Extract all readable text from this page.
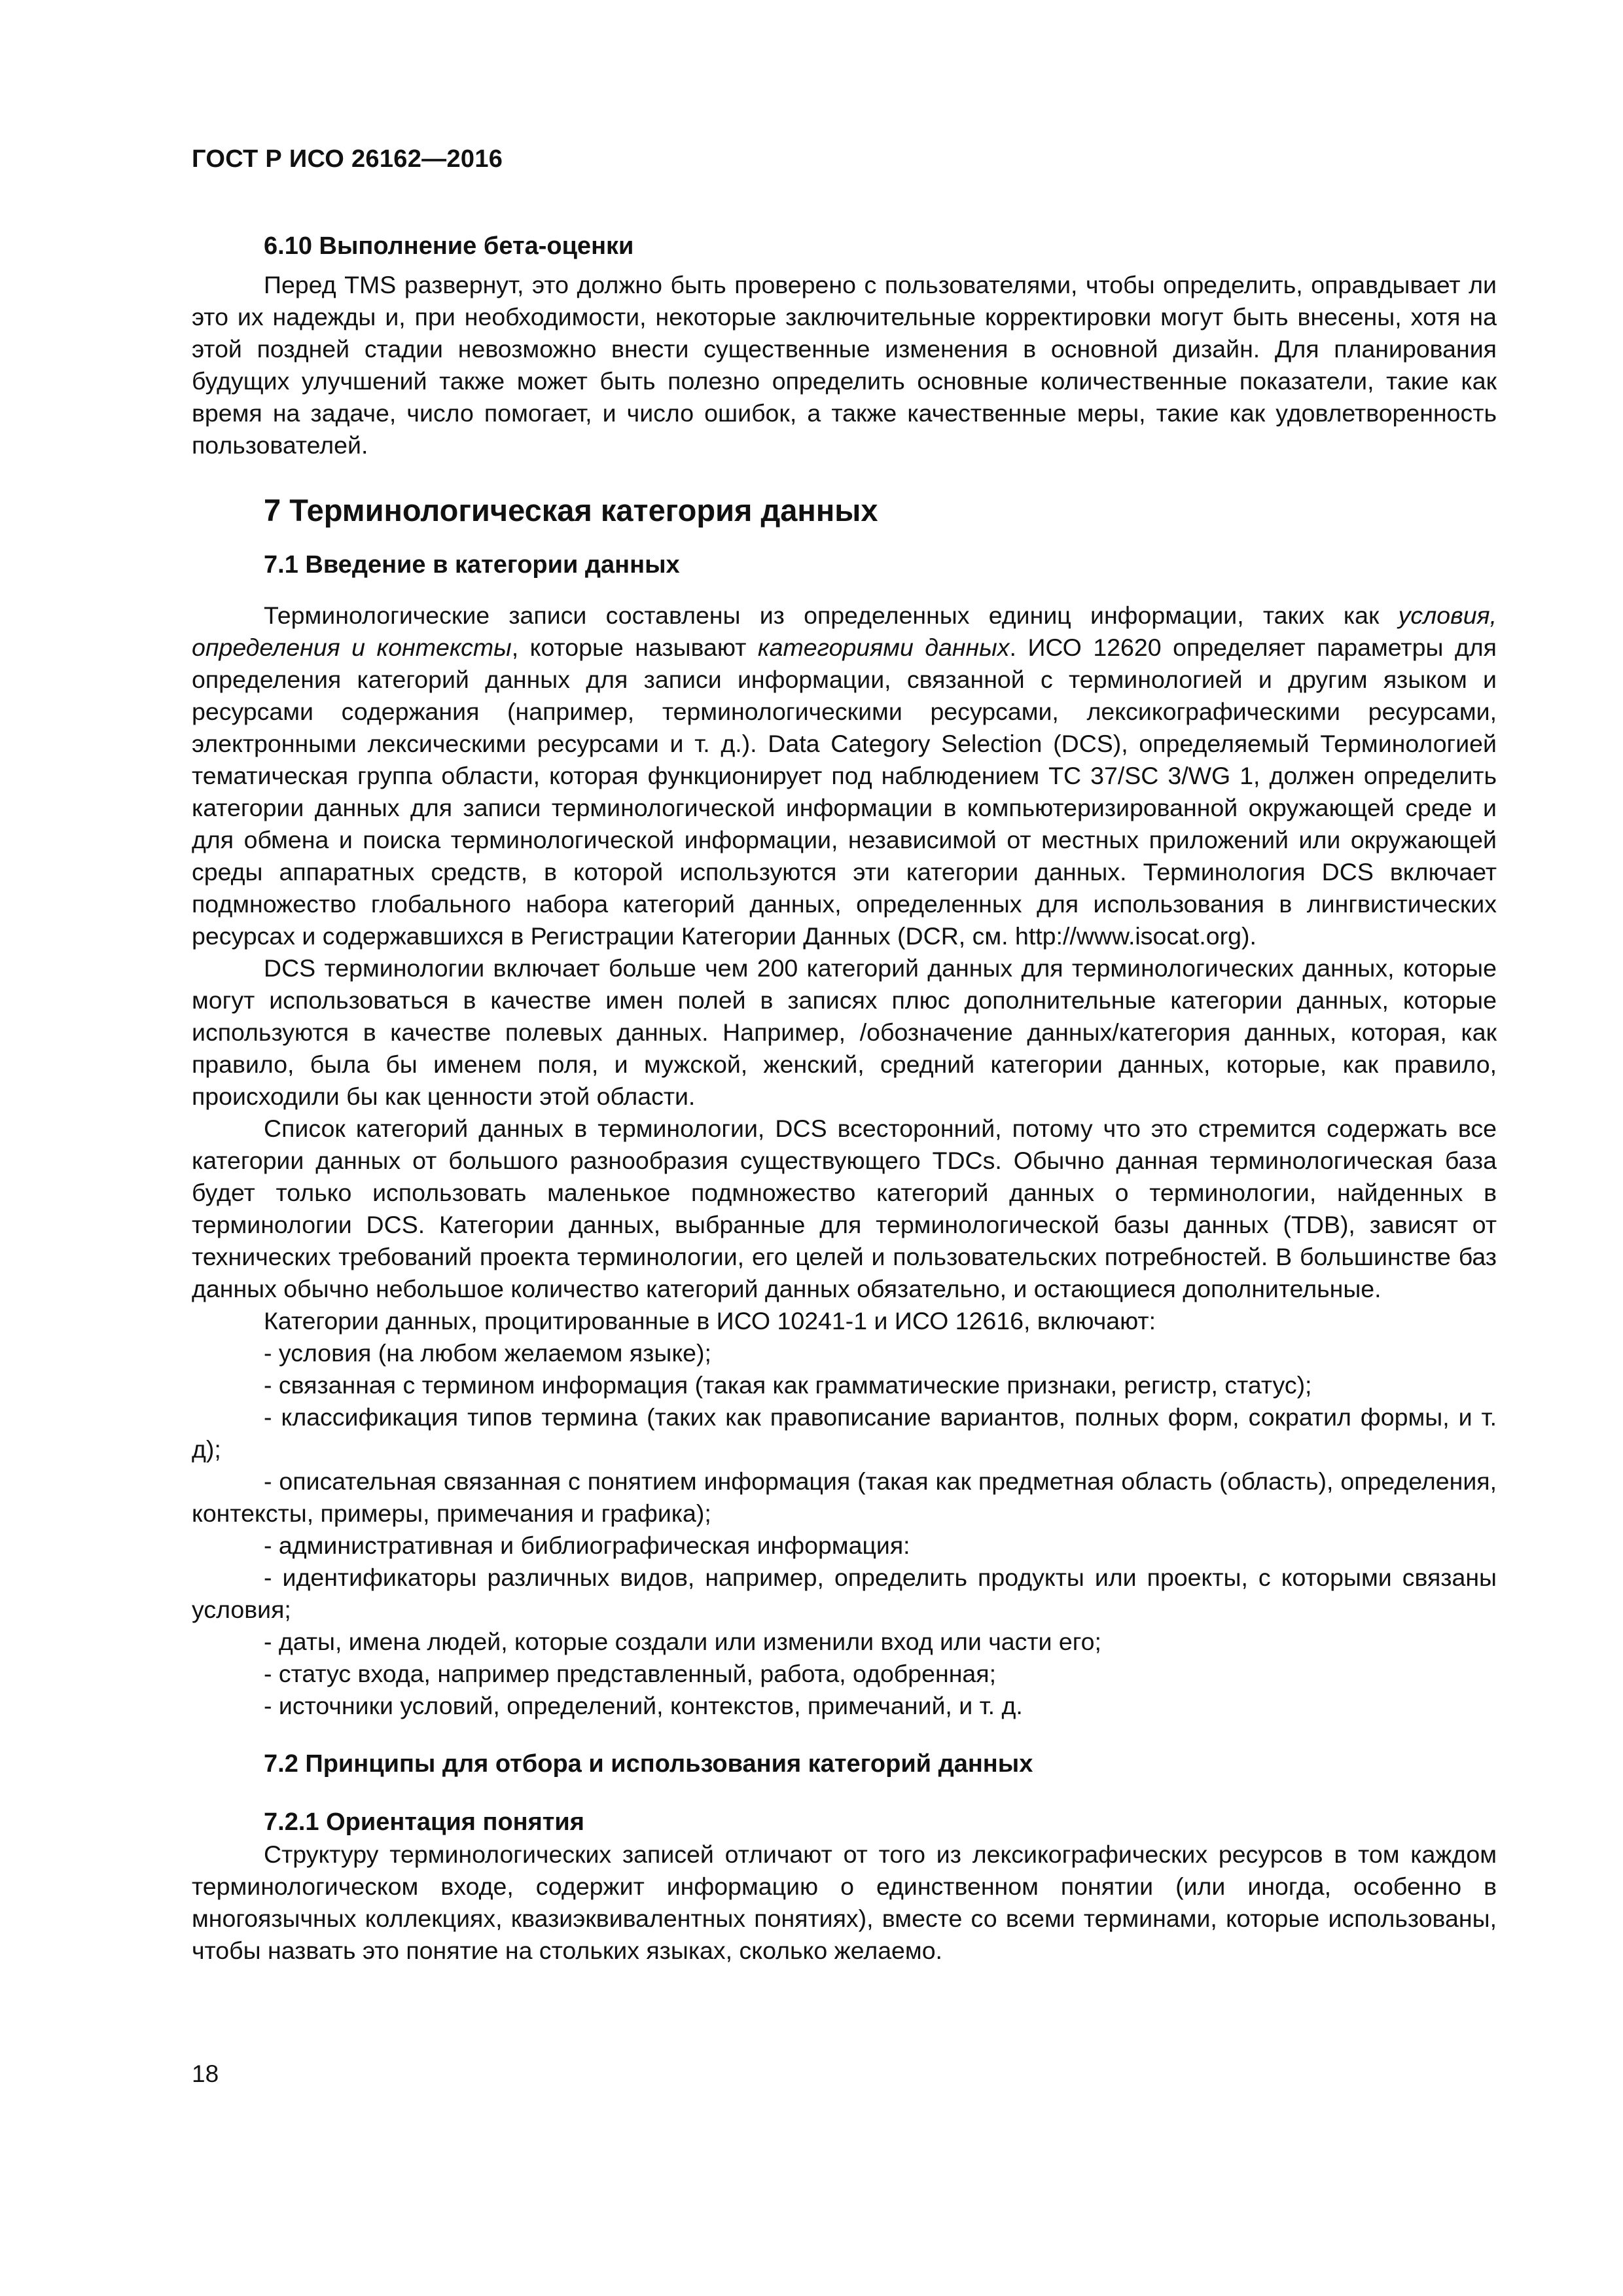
ГОСТ Р ИСО 26162—2016
6.10 Выполнение бета-оценки

Перед TMS развернут, это должно быть проверено с пользователями, чтобы определить, оправдывает ли это их надежды и, при необходимости, некоторые заключительные корректировки могут быть внесены, хотя на этой поздней стадии невозможно внести существенные изменения в основной дизайн. Для планирования будущих улучшений также может быть полезно определить основные количественные показатели, такие как время на задаче, число помогает, и число ошибок, а также качественные меры, такие как удовлетворенность пользователей.

7 Терминологическая категория данных
7.1 Введение в категории данных

Терминологические записи составлены из определенных единиц информации, таких как условия, определения и контексты, которые называют категориями данных. ИСО 12620 определяет параметры для определения категорий данных для записи информации, связанной с терминологией и другим языком и ресурсами содержания (например, терминологическими ресурсами, лексикографическими ресурсами, электронными лексическими ресурсами и т. д.). Data Category Selection (DCS), определяемый Терминологией тематическая группа области, которая функционирует под наблюдением ТС 37/SC 3/WG 1, должен определить категории данных для записи терминологической информации в компьютеризированной окружающей среде и для обмена и поиска терминологической информации, независимой от местных приложений или окружающей среды аппаратных средств, в которой используются эти категории данных. Терминология DCS включает подмножество глобального набора категорий данных, определенных для использования в лингвистических ресурсах и содержавшихся в Регистрации Категории Данных (DCR, см. http://www.isocat.org).

DCS терминологии включает больше чем 200 категорий данных для терминологических данных, которые могут использоваться в качестве имен полей в записях плюс дополнительные категории данных, которые используются в качестве полевых данных. Например, /обозначение данных/категория данных, которая, как правило, была бы именем поля, и мужской, женский, средний категории данных, которые, как правило, происходили бы как ценности этой области.

Список категорий данных в терминологии, DCS всесторонний, потому что это стремится содержать все категории данных от большого разнообразия существующего TDCs. Обычно данная терминологическая база будет только использовать маленькое подмножество категорий данных о терминологии, найденных в терминологии DCS. Категории данных, выбранные для терминологической базы данных (TDB), зависят от технических требований проекта терминологии, его целей и пользовательских потребностей. В большинстве баз данных обычно небольшое количество категорий данных обязательно, и остающиеся дополнительные.

Категории данных, процитированные в ИСО 10241-1 и ИСО 12616, включают:

- условия (на любом желаемом языке);

- связанная с термином информация (такая как грамматические признаки, регистр, статус);

- классификация типов термина (таких как правописание вариантов, полных форм, сократил формы, и т. д);

- описательная связанная с понятием информация (такая как предметная область (область), определения, контексты, примеры, примечания и графика);

- административная и библиографическая информация:

- идентификаторы различных видов, например, определить продукты или проекты, с которыми связаны условия;

- даты, имена людей, которые создали или изменили вход или части его;

- статус входа, например представленный, работа, одобренная;

- источники условий, определений, контекстов, примечаний, и т. д.

7.2 Принципы для отбора и использования категорий данных
7.2.1 Ориентация понятия

Структуру терминологических записей отличают от того из лексикографических ресурсов в том каждом терминологическом входе, содержит информацию о единственном понятии (или иногда, особенно в многоязычных коллекциях, квазиэквивалентных понятиях), вместе со всеми терминами, которые использованы, чтобы назвать это понятие на стольких языках, сколько желаемо.

18
